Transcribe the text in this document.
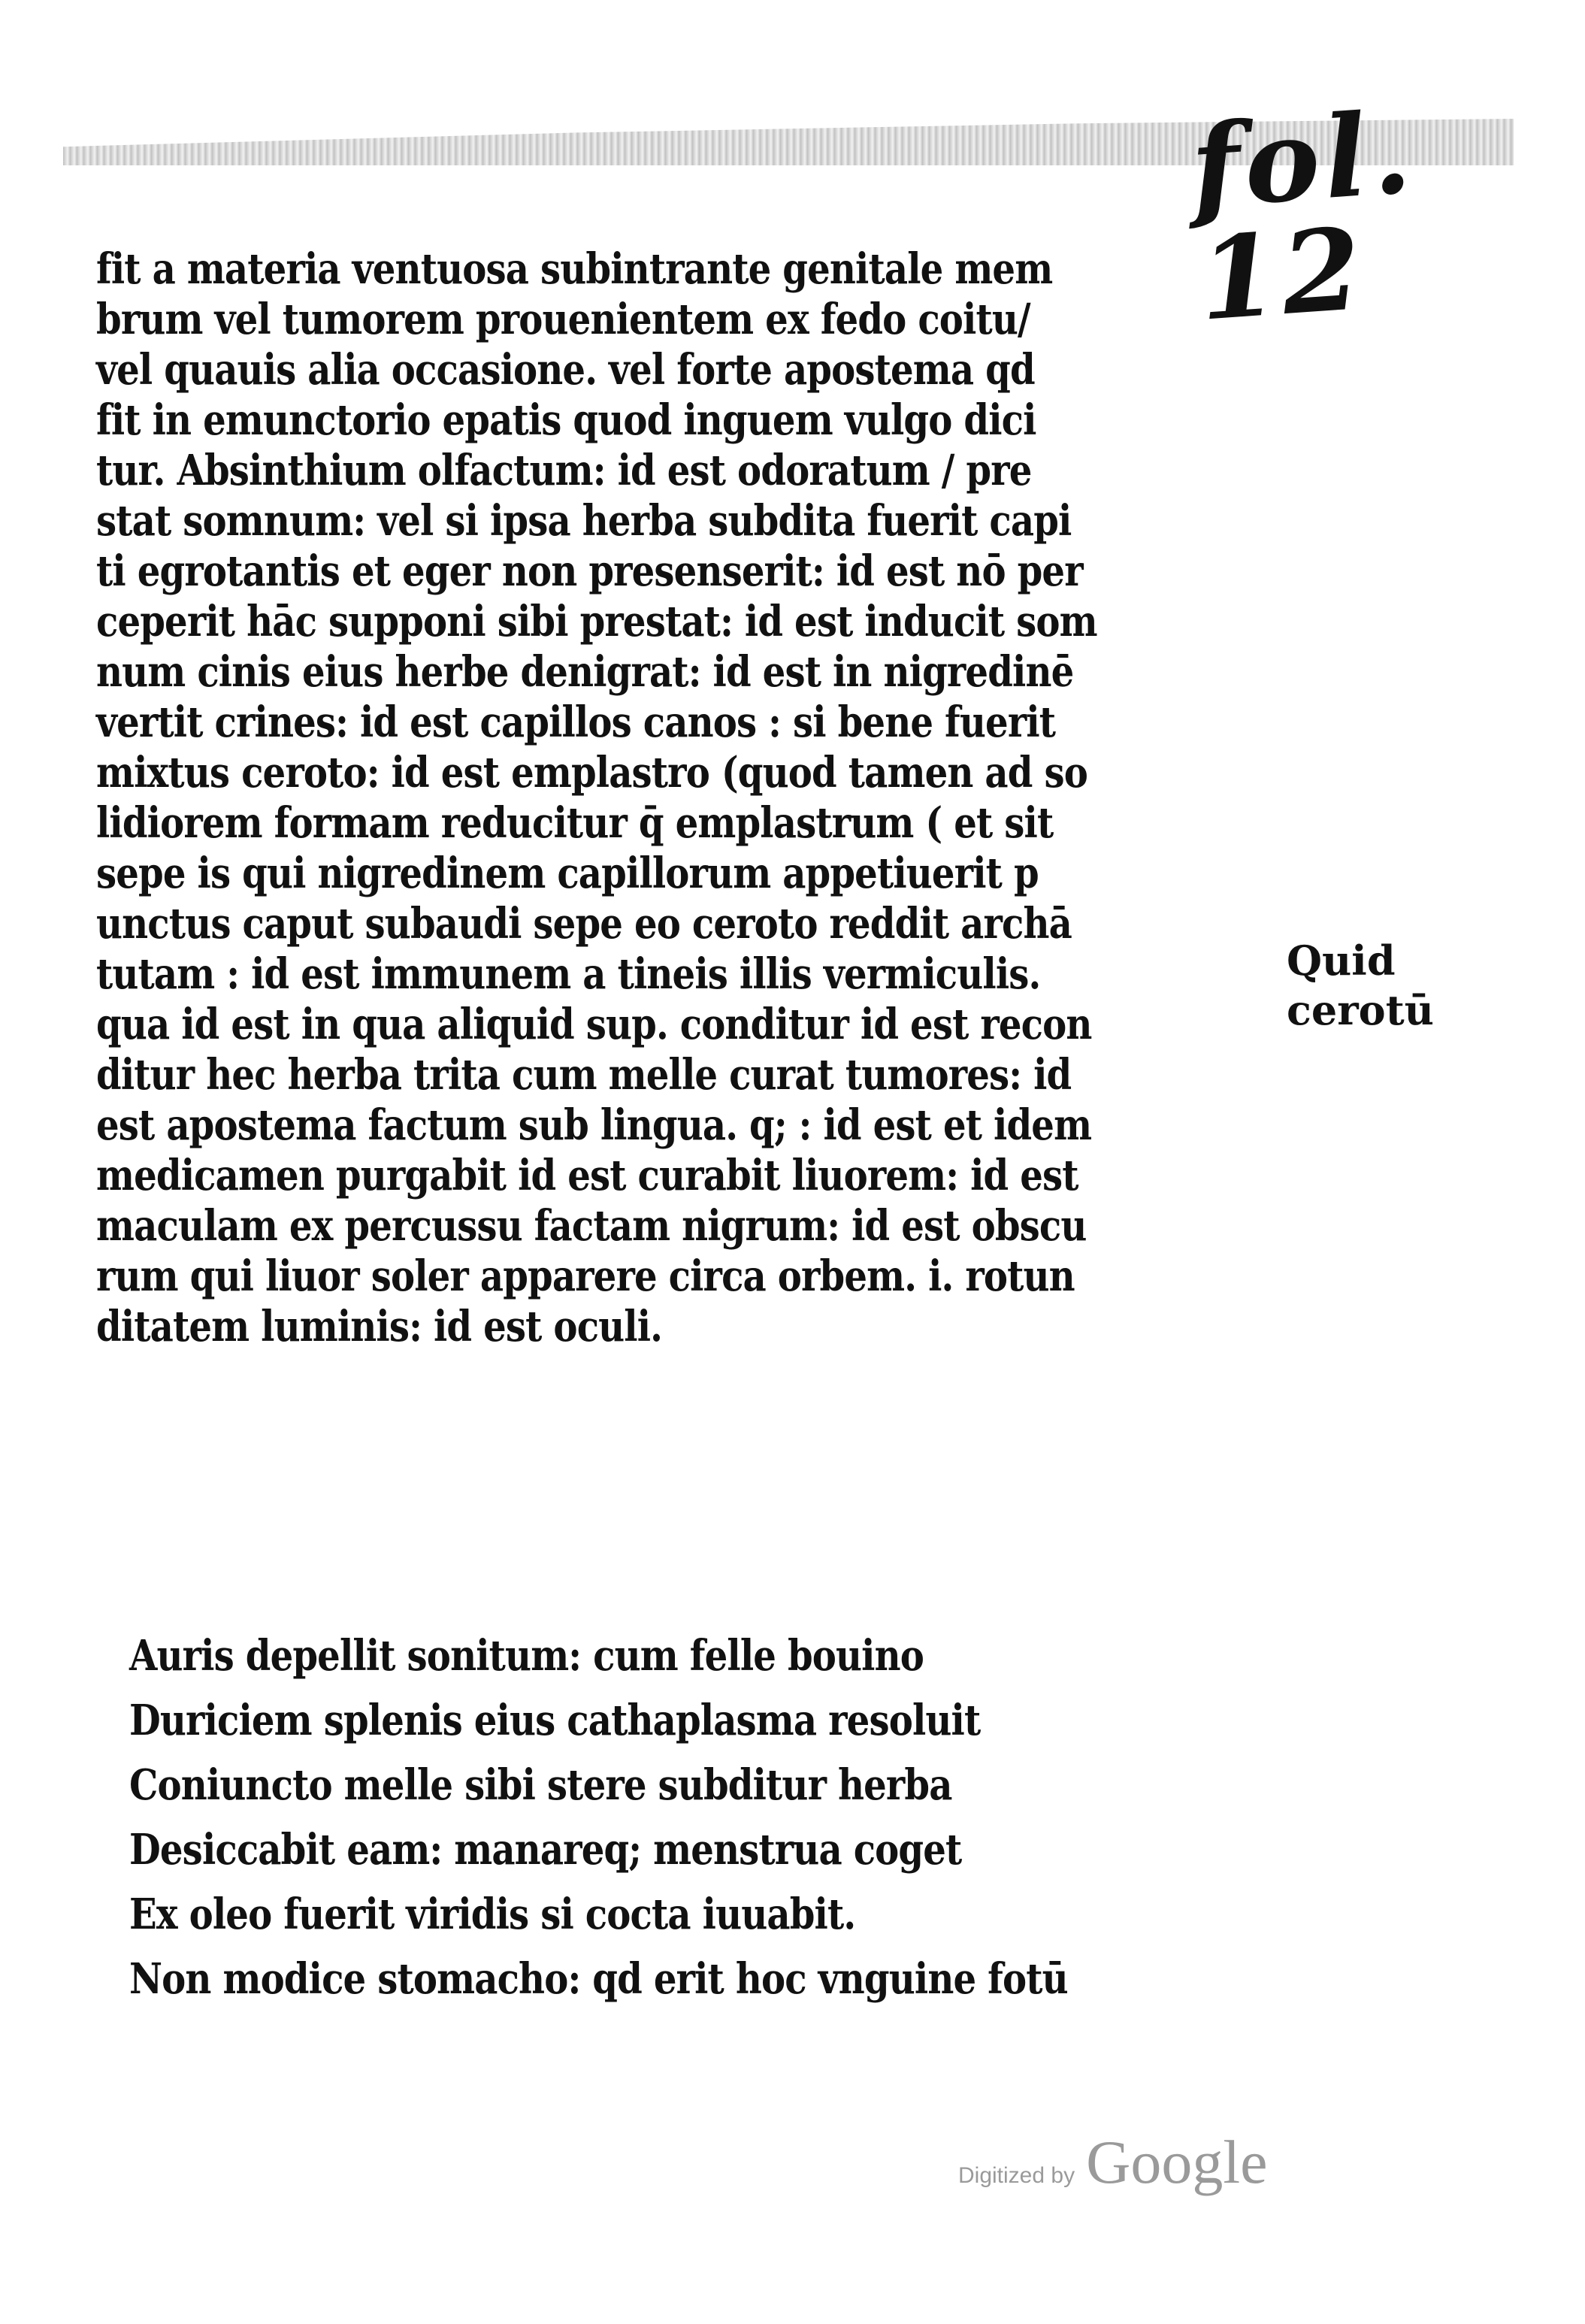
fol. 12
fit a materia ventuosa subintrante genitale mem
brum vel tumorem prouenientem ex fedo coitu/
vel quauis alia occasione. vel forte apostema qd
fit in emunctorio epatis quod inguem vulgo dici
tur. Absinthium olfactum: id est odoratum / pre
stat somnum: vel si ipsa herba subdita fuerit capi
ti egrotantis et eger non presenserit: id est nō per
ceperit hāc supponi sibi prestat: id est inducit som
num cinis eius herbe denigrat: id est in nigredinē
vertit crines: id est capillos canos : si bene fuerit
mixtus ceroto: id est emplastro (quod tamen ad so
lidiorem formam reducitur q̄ emplastrum ( et sit
sepe is qui nigredinem capillorum appetiuerit p
unctus caput subaudi sepe eo ceroto reddit archā
tutam : id est immunem a tineis illis vermiculis.
qua id est in qua aliquid sup. conditur id est recon
ditur hec herba trita cum melle curat tumores: id
est apostema factum sub lingua. q; : id est et idem
medicamen purgabit id est curabit liuorem: id est
maculam ex percussu factam nigrum: id est obscu
rum qui liuor soler apparere circa orbem. i. rotun
ditatem luminis: id est oculi.
Quid
cerotū
Auris depellit sonitum: cum felle bouino
Duriciem splenis eius cathaplasma resoluit
Coniuncto melle sibi stere subditur herba
Desiccabit eam: manareq; menstrua coget
Ex oleo fuerit viridis si cocta iuuabit.
Non modice stomacho: qd erit hoc vnguine fotū
Digitized by Google
